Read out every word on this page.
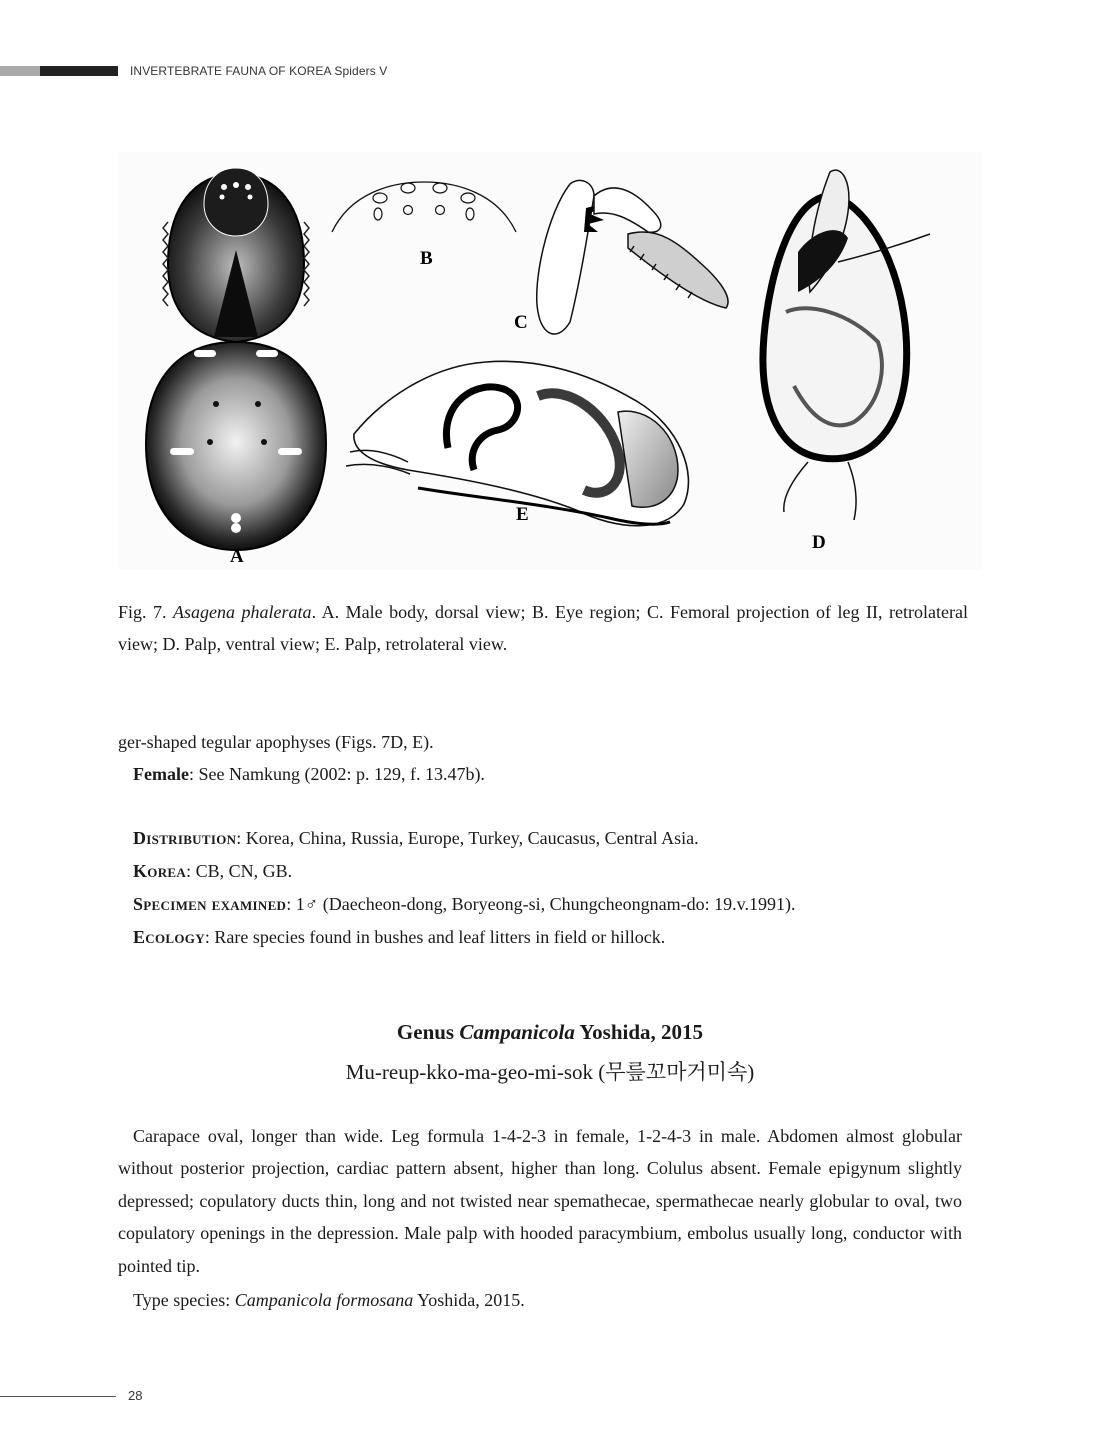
INVERTEBRATE FAUNA OF KOREA Spiders V
A
B
C
E
D
Fig. 7. Asagena phalerata. A. Male body, dorsal view; B. Eye region; C. Femoral projection of leg II, retrolateral view; D. Palp, ventral view; E. Palp, retrolateral view.
ger-shaped tegular apophyses (Figs. 7D, E).
Female: See Namkung (2002: p. 129, f. 13.47b).
Distribution: Korea, China, Russia, Europe, Turkey, Caucasus, Central Asia.
Korea: CB, CN, GB.
Specimen examined: 1♂ (Daecheon-dong, Boryeong-si, Chungcheongnam-do: 19.v.1991).
Ecology: Rare species found in bushes and leaf litters in field or hillock.
Genus Campanicola Yoshida, 2015
Mu-reup-kko-ma-geo-mi-sok (무릎꼬마거미속)
Carapace oval, longer than wide. Leg formula 1-4-2-3 in female, 1-2-4-3 in male. Abdomen almost globular without posterior projection, cardiac pattern absent, higher than long. Colulus absent. Female epigynum slightly depressed; copulatory ducts thin, long and not twisted near spemathecae, spermathecae nearly globular to oval, two copulatory openings in the depression. Male palp with hooded paracymbium, embolus usually long, conductor with pointed tip.
Type species: Campanicola formosana Yoshida, 2015.
28
